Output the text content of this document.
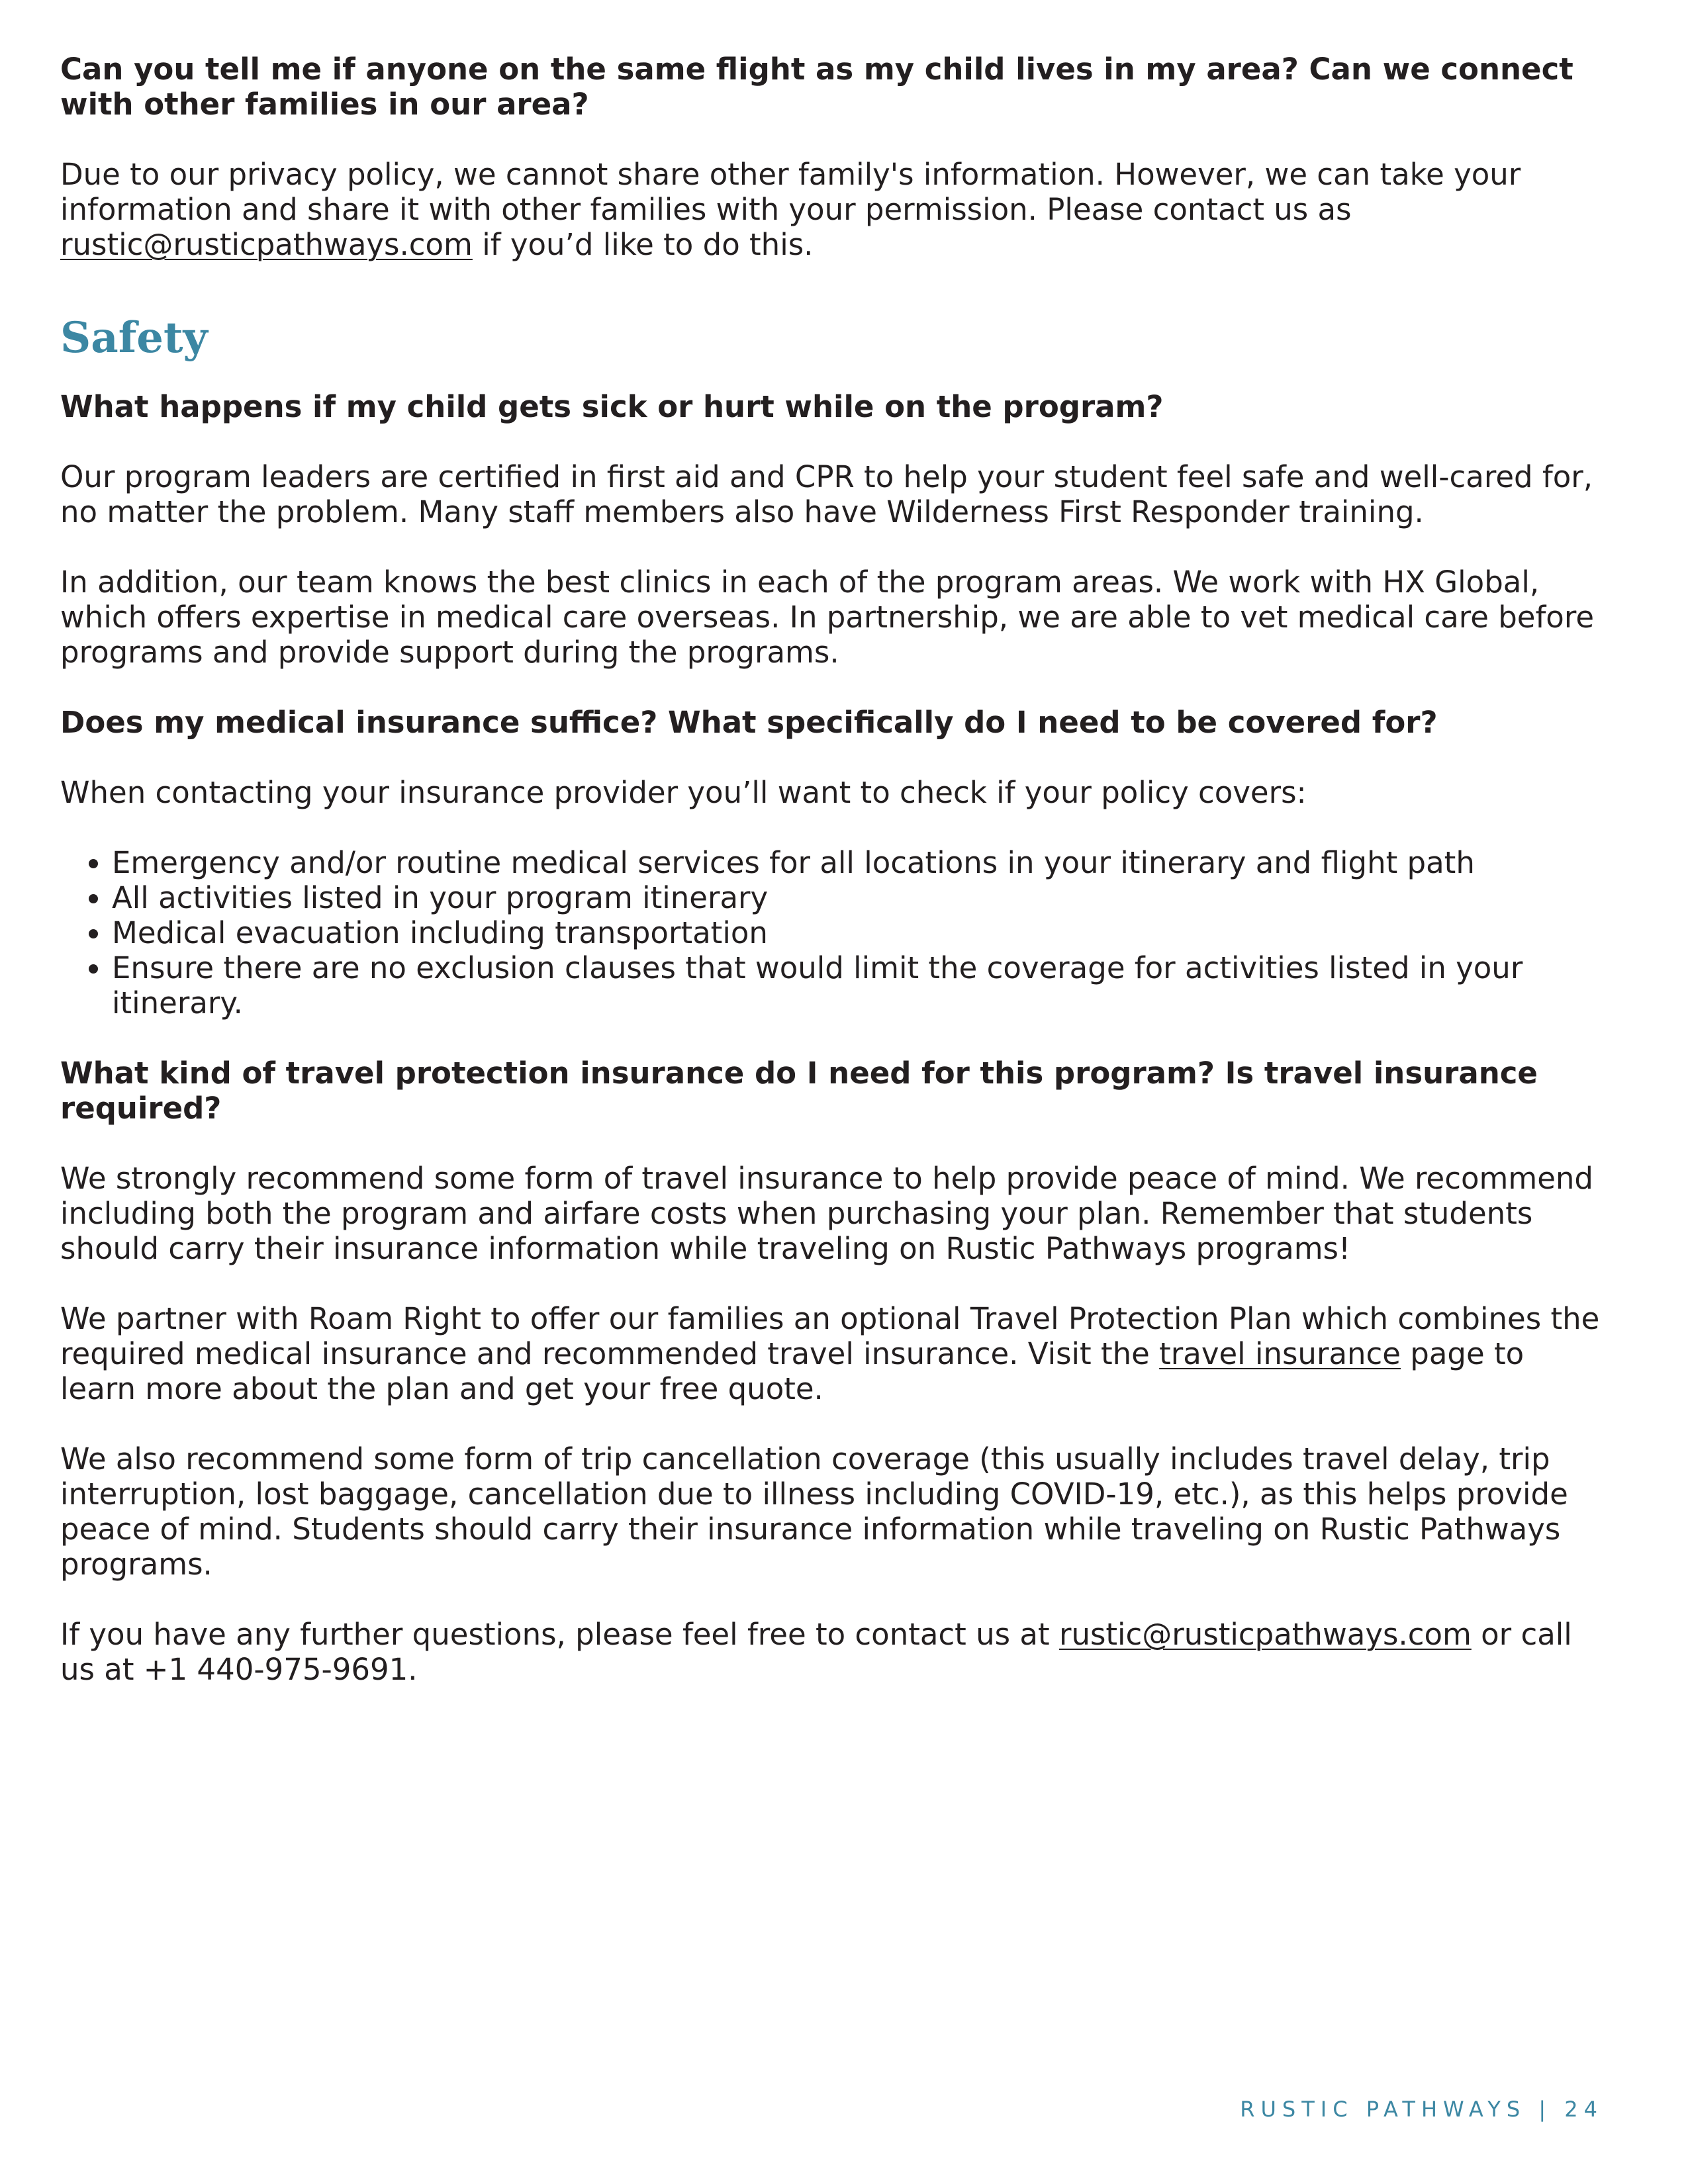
Can you tell me if anyone on the same flight as my child lives in my area? Can we connect with other families in our area?

Due to our privacy policy, we cannot share other family's information. However, we can take your information and share it with other families with your permission. Please contact us as rustic@rusticpathways.com if you’d like to do this.

Safety

What happens if my child gets sick or hurt while on the program?

Our program leaders are certified in first aid and CPR to help your student feel safe and well-cared for, no matter the problem. Many staff members also have Wilderness First Responder training.

In addition, our team knows the best clinics in each of the program areas. We work with HX Global, which offers expertise in medical care overseas. In partnership, we are able to vet medical care before programs and provide support during the programs.

Does my medical insurance suffice? What specifically do I need to be covered for?

When contacting your insurance provider you’ll want to check if your policy covers:

• Emergency and/or routine medical services for all locations in your itinerary and flight path
• All activities listed in your program itinerary
• Medical evacuation including transportation
• Ensure there are no exclusion clauses that would limit the coverage for activities listed in your itinerary.

What kind of travel protection insurance do I need for this program? Is travel insurance required?

We strongly recommend some form of travel insurance to help provide peace of mind. We recommend including both the program and airfare costs when purchasing your plan. Remember that students should carry their insurance information while traveling on Rustic Pathways programs!

We partner with Roam Right to offer our families an optional Travel Protection Plan which combines the required medical insurance and recommended travel insurance. Visit the travel insurance page to learn more about the plan and get your free quote.

We also recommend some form of trip cancellation coverage (this usually includes travel delay, trip interruption, lost baggage, cancellation due to illness including COVID-19, etc.), as this helps provide peace of mind. Students should carry their insurance information while traveling on Rustic Pathways programs.

If you have any further questions, please feel free to contact us at rustic@rusticpathways.com or call us at +1 440-975-9691.

RUSTIC PATHWAYS | 24
